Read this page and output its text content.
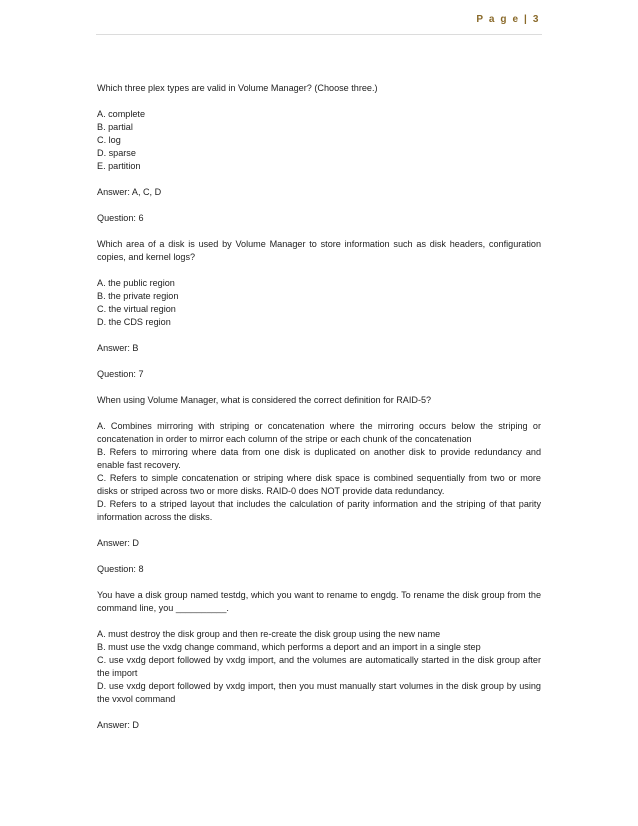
P a g e | 3

Which three plex types are valid in Volume Manager? (Choose three.)

A. complete

B. partial

C. log

D. sparse

E. partition

Answer: A, C, D

Question: 6

Which area of a disk is used by Volume Manager to store information such as disk headers, configuration copies, and kernel logs?

A. the public region

B. the private region

C. the virtual region

D. the CDS region

Answer: B

Question: 7

When using Volume Manager, what is considered the correct definition for RAID-5?

A. Combines mirroring with striping or concatenation where the mirroring occurs below the striping or concatenation in order to mirror each column of the stripe or each chunk of the concatenation

B. Refers to mirroring where data from one disk is duplicated on another disk to provide redundancy and enable fast recovery.

C. Refers to simple concatenation or striping where disk space is combined sequentially from two or more disks or striped across two or more disks. RAID-0 does NOT provide data redundancy.

D. Refers to a striped layout that includes the calculation of parity information and the striping of that parity information across the disks.

Answer: D

Question: 8

You have a disk group named testdg, which you want to rename to engdg. To rename the disk group from the command line, you __________.

A. must destroy the disk group and then re-create the disk group using the new name

B. must use the vxdg change command, which performs a deport and an import in a single step

C. use vxdg deport followed by vxdg import, and the volumes are automatically started in the disk group after the import

D. use vxdg deport followed by vxdg import, then you must manually start volumes in the disk group by using the vxvol command

Answer: D
